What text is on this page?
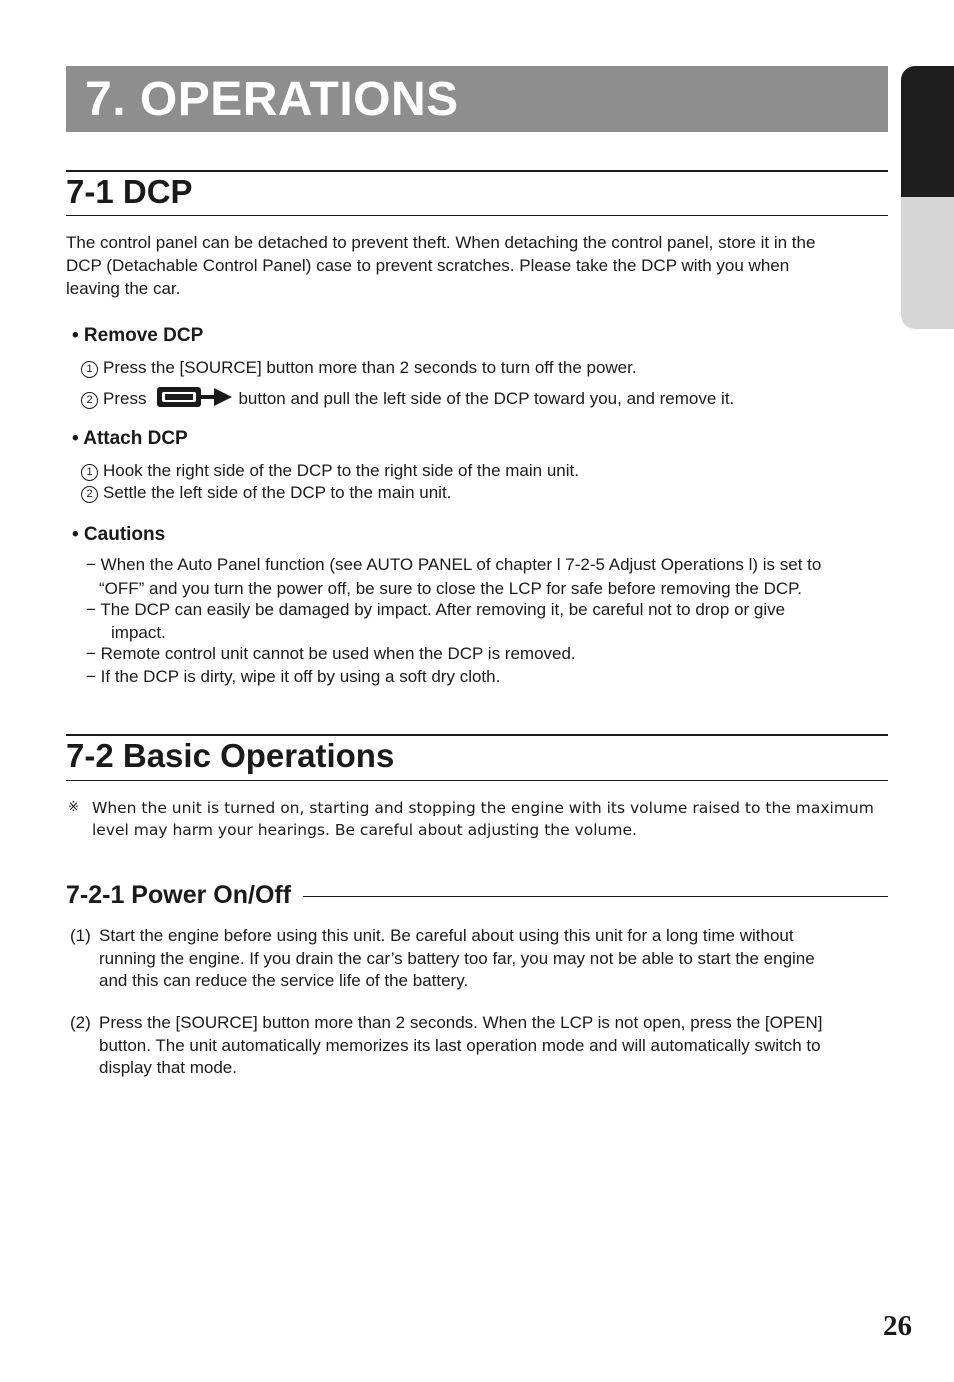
7. OPERATIONS
7-1 DCP

The control panel can be detached to prevent theft. When detaching the control panel, store it in the

DCP (Detachable Control Panel) case to prevent scratches. Please take the DCP with you when

leaving the car.

• Remove DCP

1 Press the [SOURCE] button more than 2 seconds to turn off the power.

2 Press	button and pull the left side of the DCP toward you, and remove it.

• Attach DCP

1 Hook the right side of the DCP to the right side of the main unit.

2 Settle the left side of the DCP to the main unit.

• Cautions

− When the Auto Panel function (see AUTO PANEL of chapter l 7-2-5 Adjust Operations l) is set to

“OFF” and you turn the power off, be sure to close the LCP for safe before removing the DCP.

− The DCP can easily be damaged by impact. After removing it, be careful not to drop or give

impact.

− Remote control unit cannot be used when the DCP is removed.

− If the DCP is dirty, wipe it off by using a soft dry cloth.

7-2 Basic Operations

※ When the unit is turned on, starting and stopping the engine with its volume raised to the maximum

level may harm your hearings. Be careful about adjusting the volume.

7-2-1 Power On/Off

(1) Start the engine before using this unit. Be careful about using this unit for a long time without

running the engine. If you drain the car’s battery too far, you may not be able to start the engine

and this can reduce the service life of the battery.

(2) Press the [SOURCE] button more than 2 seconds. When the LCP is not open, press the [OPEN]

button. The unit automatically memorizes its last operation mode and will automatically switch to

display that mode.

26
